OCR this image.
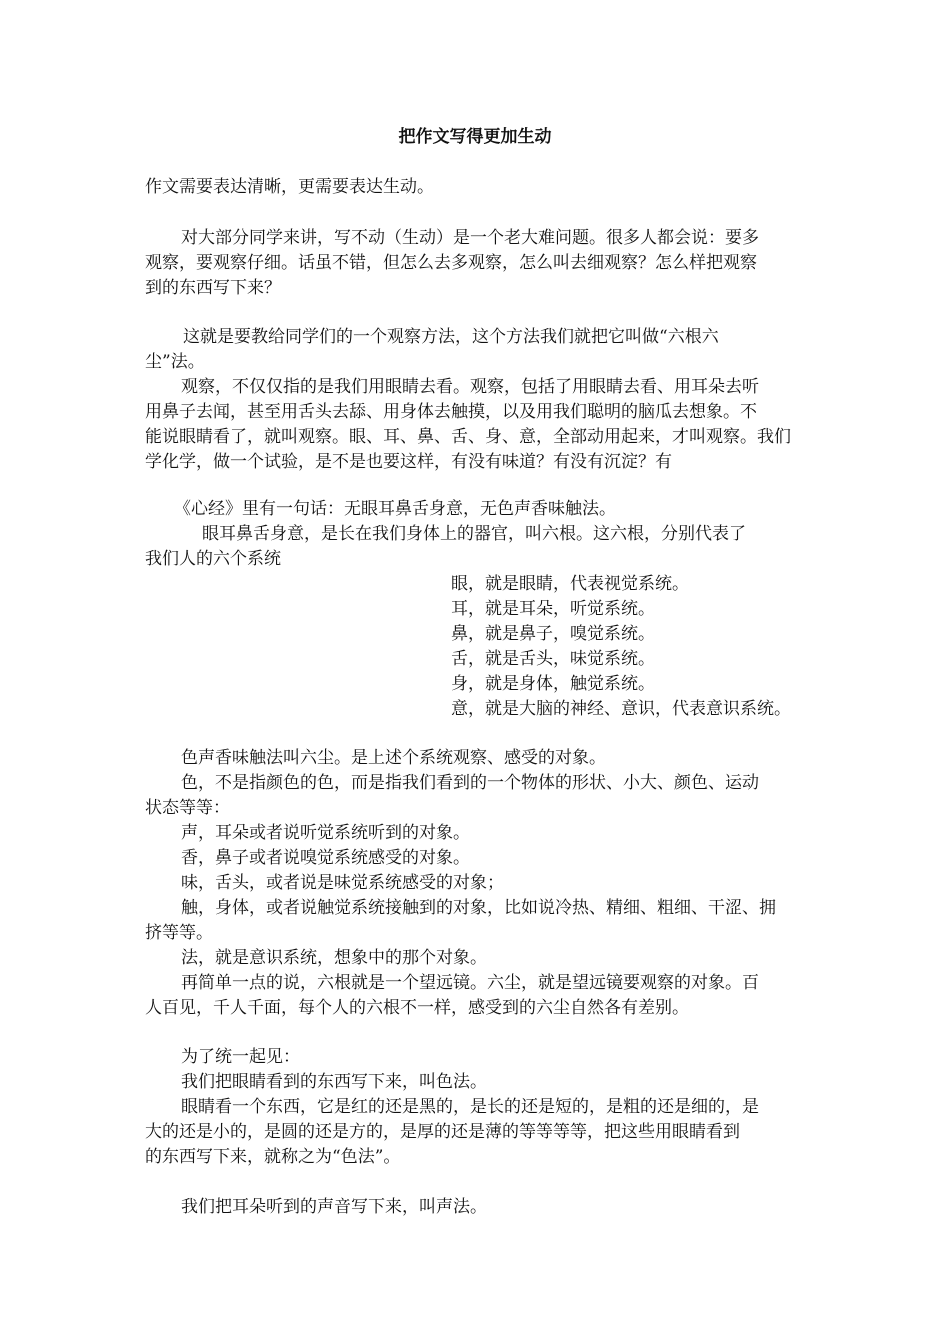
把作文写得更加生动
作文需要表达清晰，更需要表达生动。
对大部分同学来讲，写不动（生动）是一个老大难问题。很多人都会说：要多
观察，要观察仔细。话虽不错，但怎么去多观察，怎么叫去细观察？怎么样把观察
到的东西写下来？
这就是要教给同学们的一个观察方法，这个方法我们就把它叫做“六根六
尘”法。
观察，不仅仅指的是我们用眼睛去看。观察，包括了用眼睛去看、用耳朵去听
用鼻子去闻，甚至用舌头去舔、用身体去触摸，以及用我们聪明的脑瓜去想象。不
能说眼睛看了，就叫观察。眼、耳、鼻、舌、身、意，全部动用起来，才叫观察。我们
学化学，做一个试验，是不是也要这样，有没有味道？有没有沉淀？有
《心经》里有一句话：无眼耳鼻舌身意，无色声香味触法。
眼耳鼻舌身意，是长在我们身体上的器官，叫六根。这六根，分别代表了
我们人的六个系统
眼，就是眼睛，代表视觉系统。
耳，就是耳朵，听觉系统。
鼻，就是鼻子，嗅觉系统。
舌，就是舌头，味觉系统。
身，就是身体，触觉系统。
意，就是大脑的神经、意识，代表意识系统。
色声香味触法叫六尘。是上述个系统观察、感受的对象。
色，不是指颜色的色，而是指我们看到的一个物体的形状、小大、颜色、运动
状态等等：
声，耳朵或者说听觉系统听到的对象。
香，鼻子或者说嗅觉系统感受的对象。
味，舌头，或者说是味觉系统感受的对象；
触，身体，或者说触觉系统接触到的对象，比如说冷热、精细、粗细、干涩、拥
挤等等。
法，就是意识系统，想象中的那个对象。
再简单一点的说，六根就是一个望远镜。六尘，就是望远镜要观察的对象。百
人百见，千人千面，每个人的六根不一样，感受到的六尘自然各有差别。
为了统一起见：
我们把眼睛看到的东西写下来，叫色法。
眼睛看一个东西，它是红的还是黑的，是长的还是短的，是粗的还是细的，是
大的还是小的，是圆的还是方的，是厚的还是薄的等等等等，把这些用眼睛看到
的东西写下来，就称之为“色法”。
我们把耳朵听到的声音写下来，叫声法。
